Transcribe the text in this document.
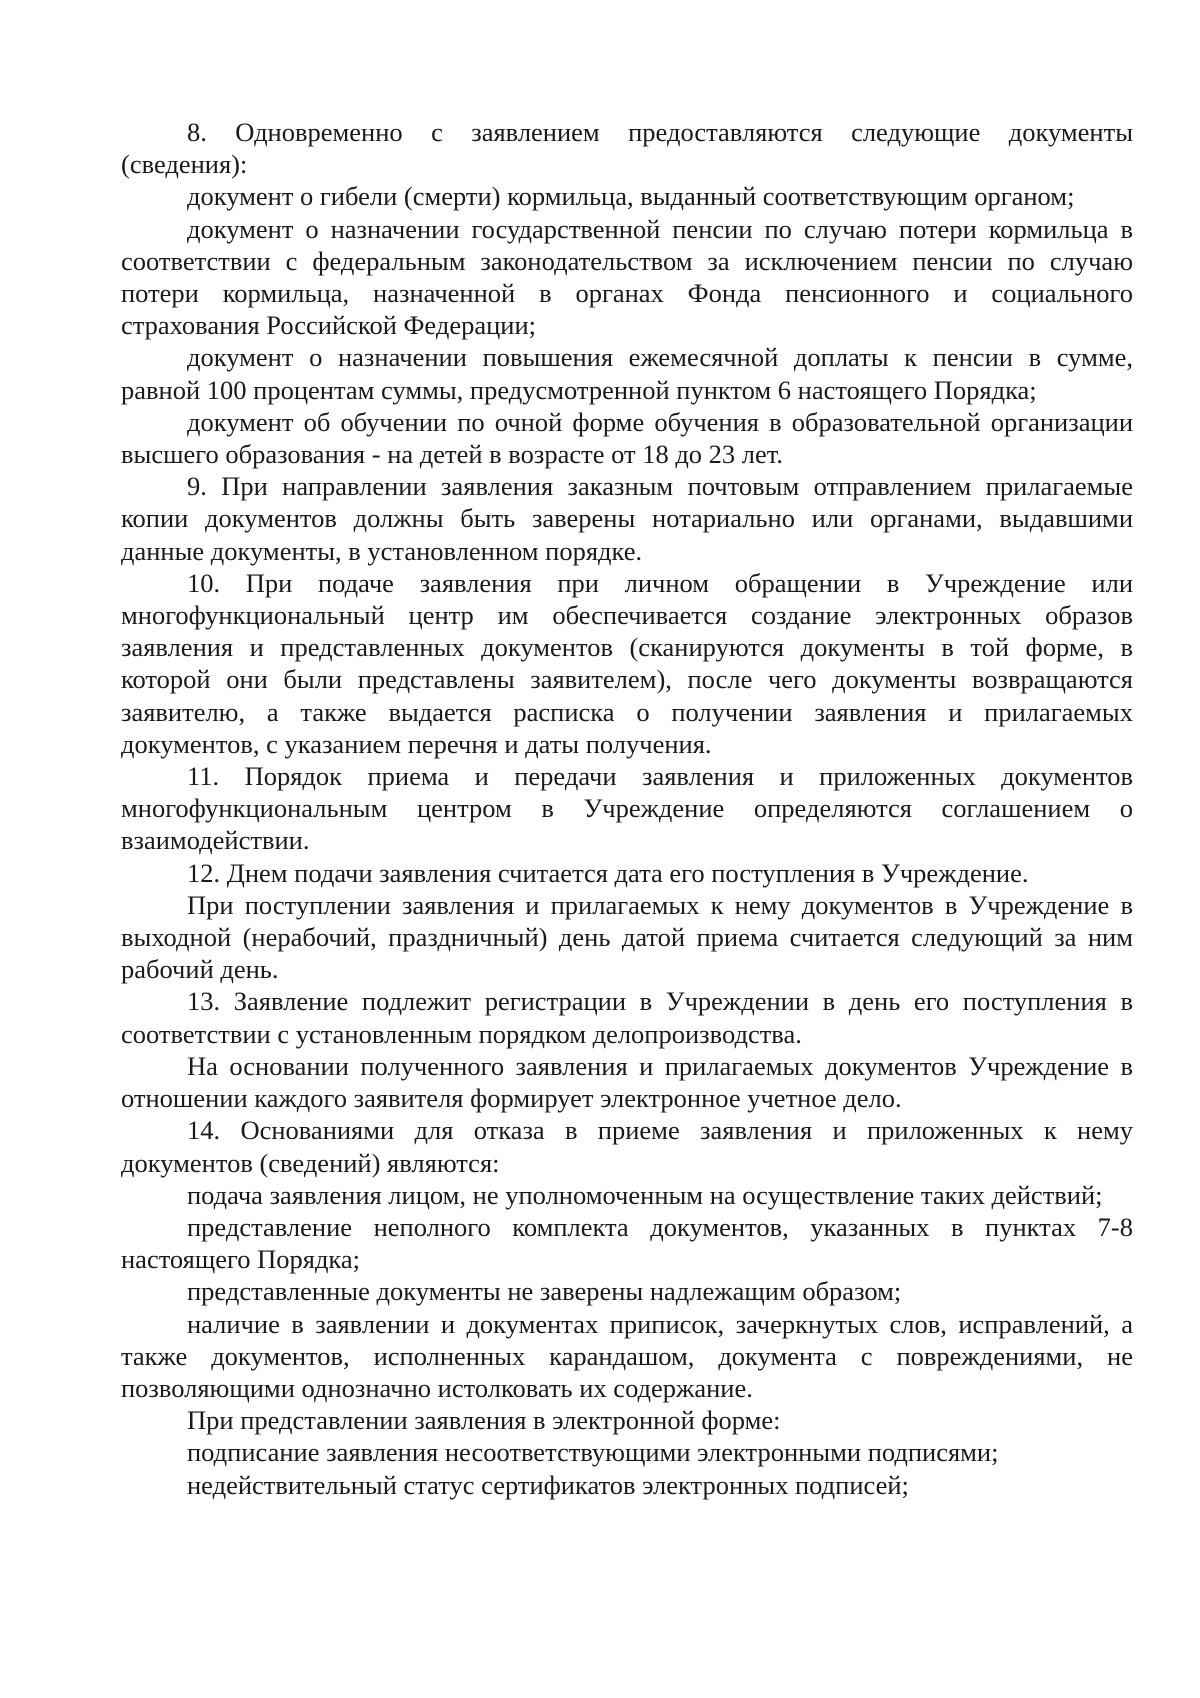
8. Одновременно с заявлением предоставляются следующие документы (сведения):

документ о гибели (смерти) кормильца, выданный соответствующим органом;

документ о назначении государственной пенсии по случаю потери кормильца в соответствии с федеральным законодательством за исключением пенсии по случаю потери кормильца, назначенной в органах Фонда пенсионного и социального страхования Российской Федерации;

документ о назначении повышения ежемесячной доплаты к пенсии в сумме, равной 100 процентам суммы, предусмотренной пунктом 6 настоящего Порядка;

документ об обучении по очной форме обучения в образовательной организации высшего образования - на детей в возрасте от 18 до 23 лет.

9. При направлении заявления заказным почтовым отправлением прилагаемые копии документов должны быть заверены нотариально или органами, выдавшими данные документы, в установленном порядке.

10. При подаче заявления при личном обращении в Учреждение или многофункциональный центр им обеспечивается создание электронных образов заявления и представленных документов (сканируются документы в той форме, в которой они были представлены заявителем), после чего документы возвращаются заявителю, а также выдается расписка о получении заявления и прилагаемых документов, с указанием перечня и даты получения.

11. Порядок приема и передачи заявления и приложенных документов многофункциональным центром в Учреждение определяются соглашением о взаимодействии.

12. Днем подачи заявления считается дата его поступления в Учреждение.

При поступлении заявления и прилагаемых к нему документов в Учреждение в выходной (нерабочий, праздничный) день датой приема считается следующий за ним рабочий день.

13. Заявление подлежит регистрации в Учреждении в день его поступления в соответствии с установленным порядком делопроизводства.

На основании полученного заявления и прилагаемых документов Учреждение в отношении каждого заявителя формирует электронное учетное дело.

14. Основаниями для отказа в приеме заявления и приложенных к нему документов (сведений) являются:

подача заявления лицом, не уполномоченным на осуществление таких действий;

представление неполного комплекта документов, указанных в пунктах 7-8 настоящего Порядка;

представленные документы не заверены надлежащим образом;

наличие в заявлении и документах приписок, зачеркнутых слов, исправлений, а также документов, исполненных карандашом, документа с повреждениями, не позволяющими однозначно истолковать их содержание.

При представлении заявления в электронной форме:

подписание заявления несоответствующими электронными подписями;

недействительный статус сертификатов электронных подписей;
